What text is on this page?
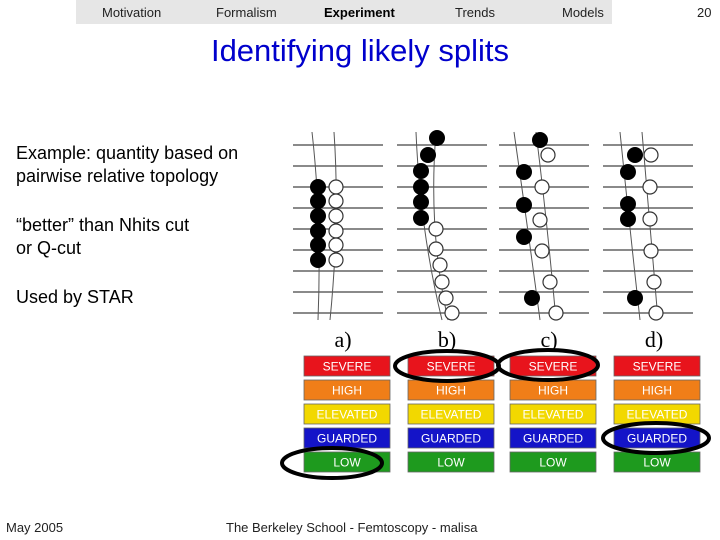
Motivation	Formalism	Experiment	Trends	Models	20
Identifying likely splits
Example: quantity based on
pairwise relative topology
“better” than Nhits cut
or Q-cut
Used by STAR
a)	b)	c)	d)
SEVERE	SEVERE	SEVERE	SEVERE
HIGH	HIGH	HIGH	HIGH
ELEVATED	ELEVATED	ELEVATED	ELEVATED
GUARDED	GUARDED	GUARDED	GUARDED
LOW	LOW	LOW	LOW
May 2005	The Berkeley School - Femtoscopy - malisa
